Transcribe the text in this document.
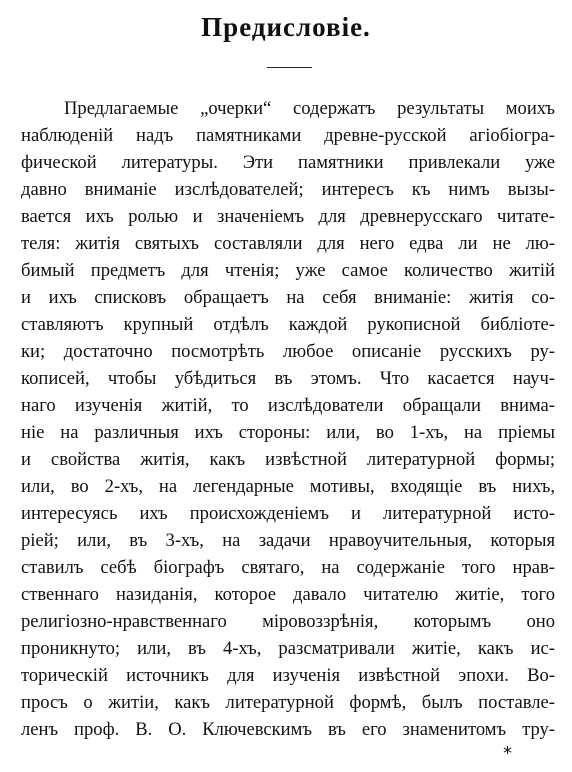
Предисловіе.
Предлагаемые „очерки“ содержатъ результаты моихъ
наблюденій надъ памятниками древне-русской агіобіогра-
фической литературы. Эти памятники привлекали уже
давно вниманіе изслѣдователей; интересъ къ нимъ вызы-
вается ихъ ролью и значеніемъ для древнерусскаго читате-
теля: житія святыхъ составляли для него едва ли не лю-
бимый предметъ для чтенія; уже самое количество житій
и ихъ списковъ обращаетъ на себя вниманіе: житія со-
ставляютъ крупный отдѣлъ каждой рукописной библіоте-
ки; достаточно посмотрѣть любое описаніе русскихъ ру-
кописей, чтобы убѣдиться въ этомъ. Что касается науч-
наго изученія житій, то изслѣдователи обращали внима-
ніе на различныя ихъ стороны: или, во 1-хъ, на пріемы
и свойства житія, какъ извѣстной литературной формы;
или, во 2-хъ, на легендарные мотивы, входящіе въ нихъ,
интересуясь ихъ происхожденіемъ и литературной исто-
ріей; или, въ 3-хъ, на задачи нравоучительныя, которыя
ставилъ себѣ біографъ святаго, на содержаніе того нрав-
ственнаго назиданія, которое давало читателю житіе, того
религіозно-нравственнаго міровоззрѣнія, которымъ оно
проникнуто; или, въ 4-хъ, разсматривали житіе, какъ ис-
торическій источникъ для изученія извѣстной эпохи. Во-
просъ о житіи, какъ литературной формѣ, былъ поставле-
ленъ проф. В. О. Ключевскимъ въ его знаменитомъ тру-
*
